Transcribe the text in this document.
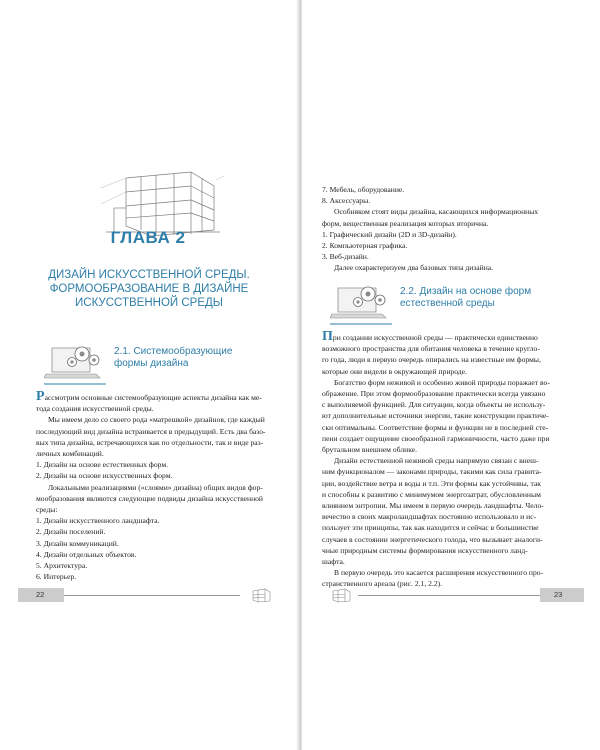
ГЛАВА 2
ДИЗАЙН ИСКУССТВЕННОЙ СРЕДЫ.
ФОРМООБРАЗОВАНИЕ В ДИЗАЙНЕ
ИСКУССТВЕННОЙ СРЕДЫ
2.1. Системообразующие
формы дизайна

Рассмотрим основные системообразующие аспекты дизайна как ме-

тода создания искусственной среды.

Мы имеем дело со своего рода «матрешкой» дизайнов, где каждый

последующий вид дизайна встраивается в предыдущий. Есть два базо-

вых типа дизайна, встречающихся как по отдельности, так и виде раз-

личных комбинаций.

1. Дизайн на основе естественных форм.

2. Дизайн на основе искусственных форм.

Локальными реализациями («слоями» дизайна) общих видов фор-

мообразования являются следующие подвиды дизайна искусственной

среды:

1. Дизайн искусственного ландшафта.

2. Дизайн поселений.

3. Дизайн коммуникаций.

4. Дизайн отдельных объектов.

5. Архитектура.

6. Интерьер.

22

7. Мебель, оборудование.

8. Аксессуары.

Особняком стоят виды дизайна, касающихся информационных

форм, вещественная реализация которых вторична.

1. Графический дизайн (2D и 3D-дизайн).

2. Компьютерная графика.

3. Веб-дизайн.

Далее охарактеризуем два базовых типа дизайна.

2.2. Дизайн на основе форм
естественной среды

При создании искусственной среды — практически единственно

возможного пространства для обитания человека в течение кругло-

го года, люди в первую очередь опирались на известные им формы,

которые они видели в окружающей природе.

Богатство форм неживой и особенно живой природы поражает во-

ображение. При этом формообразование практически всегда увязано

с выполняемой функцией. Для ситуации, когда объекты не использу-

ют дополнительные источники энергии, такие конструкции практиче-

ски оптимальны. Соответствие формы и функции не в последней сте-

пени создает ощущение своеобразной гармоничности, часто даже при

брутальном внешнем облике.

Дизайн естественной неживой среды напрямую связан с внеш-

ним функционалом — законами природы, такими как сила гравита-

ции, воздействие ветра и воды и т.п. Эти формы как устойчивы, так

и способны к развитию с минимумом энергозатрат, обусловленным

влиянием энтропии. Мы имеем в первую очередь ландшафты. Чело-

вечество в своих макроландшафтах постоянно использовало и ис-

пользует эти принципы, так как находится и сейчас в большинстве

случаев в состоянии энергетического голода, что вызывает аналоги-

чные природным системы формирования искусственного ланд-

шафта.

В первую очередь это касается расширения искусственного про-

странственного ареала (рис. 2.1, 2.2).

23
